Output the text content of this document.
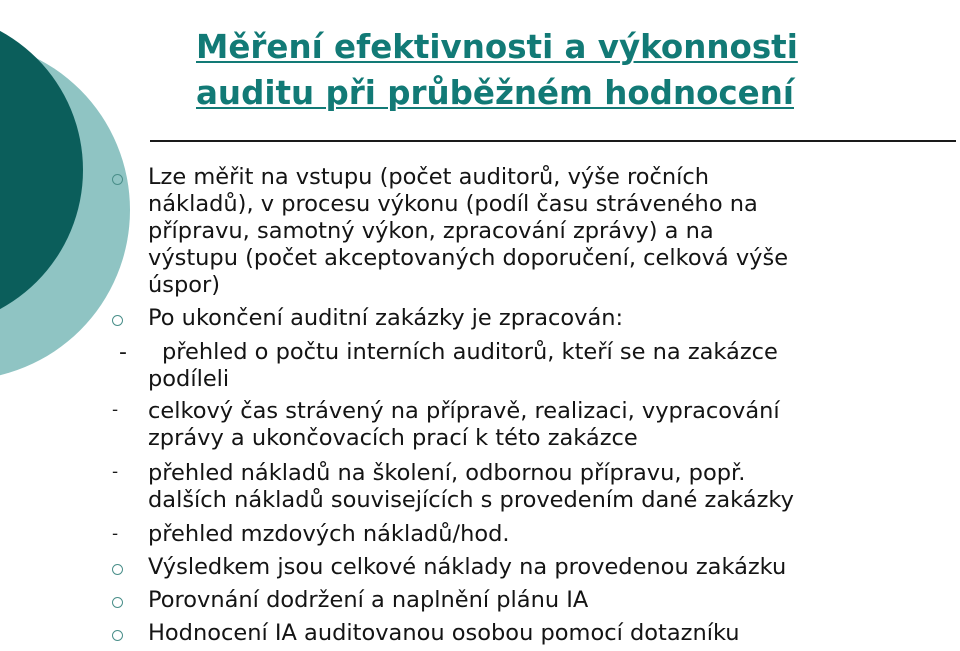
Měření efektivnosti a výkonnosti
auditu při průběžném hodnocení
Lze měřit na vstupu (počet auditorů, výše ročních
nákladů), v procesu výkonu (podíl času stráveného na
přípravu, samotný výkon, zpracování zprávy) a na
výstupu (počet akceptovaných doporučení, celková výše
úspor)
Po ukončení auditní zakázky je zpracován:
- přehled o počtu interních auditorů, kteří se na zakázce
podíleli
- celkový čas strávený na přípravě, realizaci, vypracování
zprávy a ukončovacích prací k této zakázce
- přehled nákladů na školení, odbornou přípravu, popř.
dalších nákladů souvisejících s provedením dané zakázky
- přehled mzdových nákladů/hod.
Výsledkem jsou celkové náklady na provedenou zakázku
Porovnání dodržení a naplnění plánu IA
Hodnocení IA auditovanou osobou pomocí dotazníku
